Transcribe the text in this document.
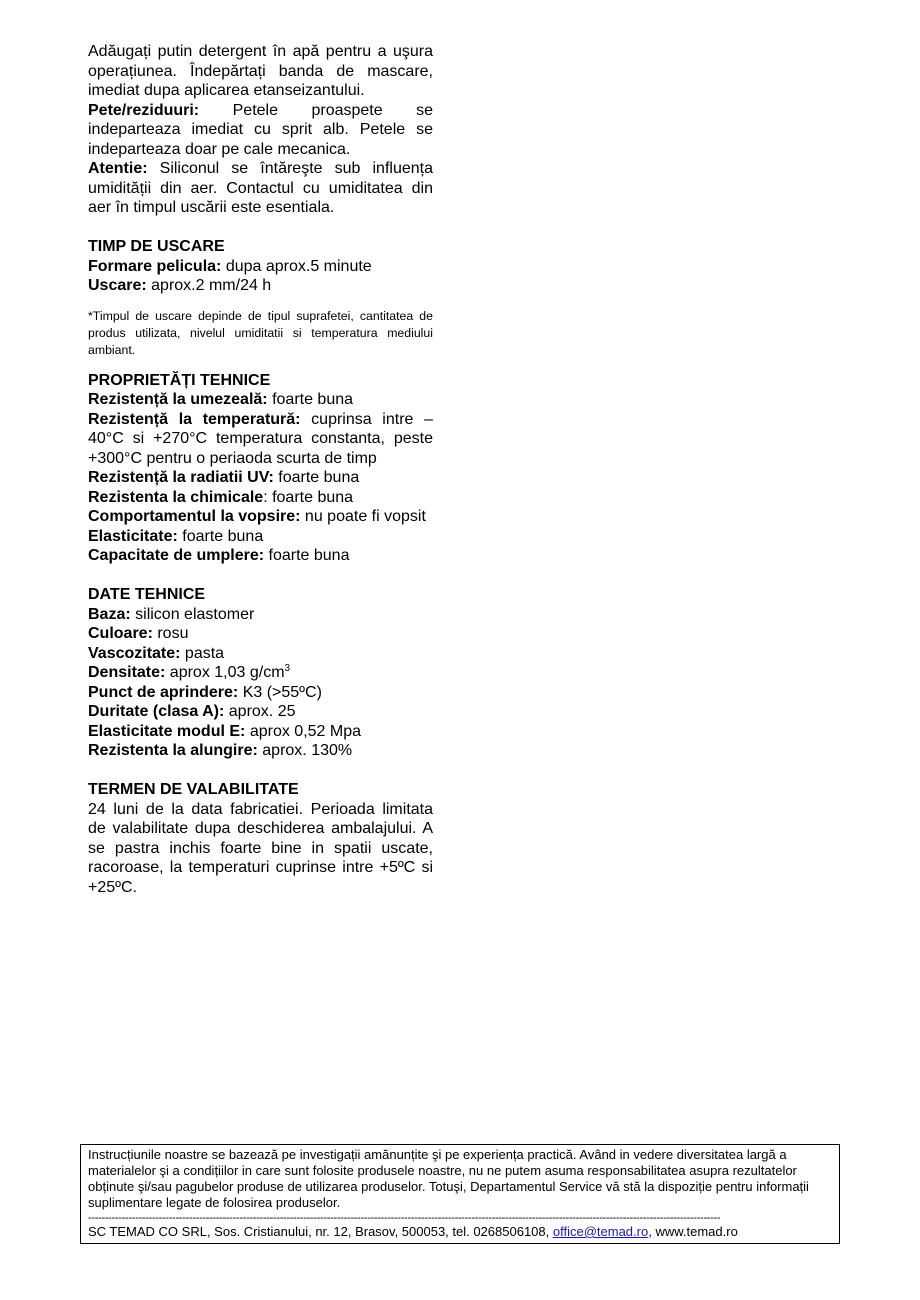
Adăugați putin detergent în apă pentru a uşura operațiunea. Îndepărtați banda de mascare, imediat dupa aplicarea etanseizantului.

Pete/reziduuri: Petele proaspete se indeparteaza imediat cu sprit alb. Petele se indeparteaza doar pe cale mecanica.

Atentie: Siliconul se întăreşte sub influența umidității din aer. Contactul cu umiditatea din aer în timpul uscării este esentiala.

TIMP DE USCARE

Formare pelicula: dupa aprox.5 minute

Uscare: aprox.2 mm/24 h

*Timpul de uscare depinde de tipul suprafetei, cantitatea de produs utilizata, nivelul umiditatii si temperatura mediului ambiant.

PROPRIETĂȚI TEHNICE

Rezistență la umezeală: foarte buna

Rezistență la temperatură: cuprinsa intre –40°C si +270°C temperatura constanta, peste +300°C pentru o periaoda scurta de timp

Rezistență la radiatii UV: foarte buna

Rezistenta la chimicale: foarte buna

Comportamentul la vopsire: nu poate fi vopsit

Elasticitate: foarte buna

Capacitate de umplere: foarte buna

DATE TEHNICE

Baza: silicon elastomer

Culoare: rosu

Vascozitate: pasta

Densitate: aprox 1,03 $g/cm^3$

Punct de aprindere: K3 (>55ºC)

Duritate (clasa A): aprox. 25

Elasticitate modul E: aprox 0,52 Mpa

Rezistenta la alungire: aprox. 130%

TERMEN DE VALABILITATE

24 luni de la data fabricatiei. Perioada limitata de valabilitate dupa deschiderea ambalajului. A se pastra inchis foarte bine in spatii uscate, racoroase, la temperaturi cuprinse intre +5ºC si +25ºC.

Instrucțiunile noastre se bazează pe investigații amănunțite şi pe experiența practică. Având in vedere diversitatea largă a materialelor şi a condițiilor in care sunt folosite produsele noastre, nu ne putem asuma responsabilitatea asupra rezultatelor obținute şi/sau pagubelor produse de utilizarea produselor. Totuşi, Departamentul Service vă stă la dispoziție pentru informații suplimentare legate de folosirea produselor.

--------------------------------------------------------------------------------------------------------------------------------------------------------------------------------------------

SC TEMAD CO SRL, Sos. Cristianului, nr. 12, Brasov, 500053, tel. 0268506108, office@temad.ro, www.temad.ro
